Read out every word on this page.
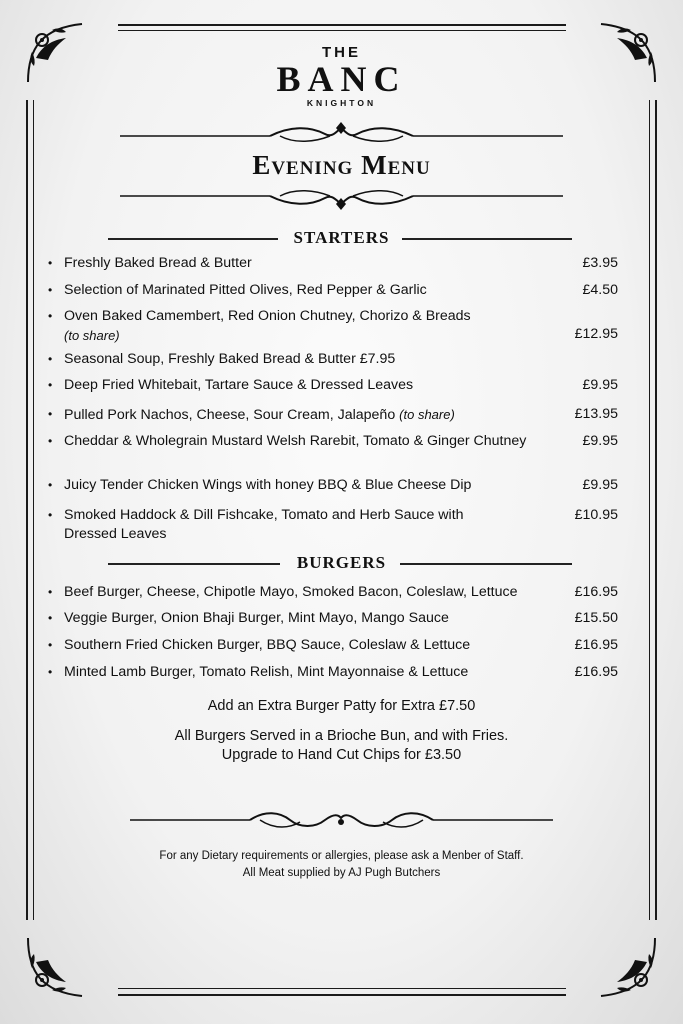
THE
BANC
KNIGHTON
Evening Menu
STARTERS
• Freshly Baked Bread & Butter	£3.95
• Selection of Marinated Pitted Olives, Red Pepper & Garlic	£4.50
• Oven Baked Camembert, Red Onion Chutney, Chorizo & Breads
(to share)	£12.95
• Seasonal Soup, Freshly Baked Bread & Butter £7.95
• Deep Fried Whitebait, Tartare Sauce & Dressed Leaves	£9.95
• Pulled Pork Nachos, Cheese, Sour Cream, Jalapeño (to share)	£13.95
• Cheddar & Wholegrain Mustard Welsh Rarebit, Tomato & Ginger Chutney	£9.95
• Juicy Tender Chicken Wings with honey BBQ & Blue Cheese Dip	£9.95
• Smoked Haddock & Dill Fishcake, Tomato and Herb Sauce with Dressed Leaves
£10.95
BURGERS
• Beef Burger, Cheese, Chipotle Mayo, Smoked Bacon, Coleslaw, Lettuce	£16.95
• Veggie Burger, Onion Bhaji Burger, Mint Mayo, Mango Sauce	£15.50
• Southern Fried Chicken Burger, BBQ Sauce, Coleslaw & Lettuce	£16.95
• Minted Lamb Burger, Tomato Relish, Mint Mayonnaise & Lettuce	£16.95
Add an Extra Burger Patty for Extra £7.50
All Burgers Served in a Brioche Bun, and with Fries.
Upgrade to Hand Cut Chips for £3.50
For any Dietary requirements or allergies, please ask a Menber of Staff.
All Meat supplied by AJ Pugh Butchers
